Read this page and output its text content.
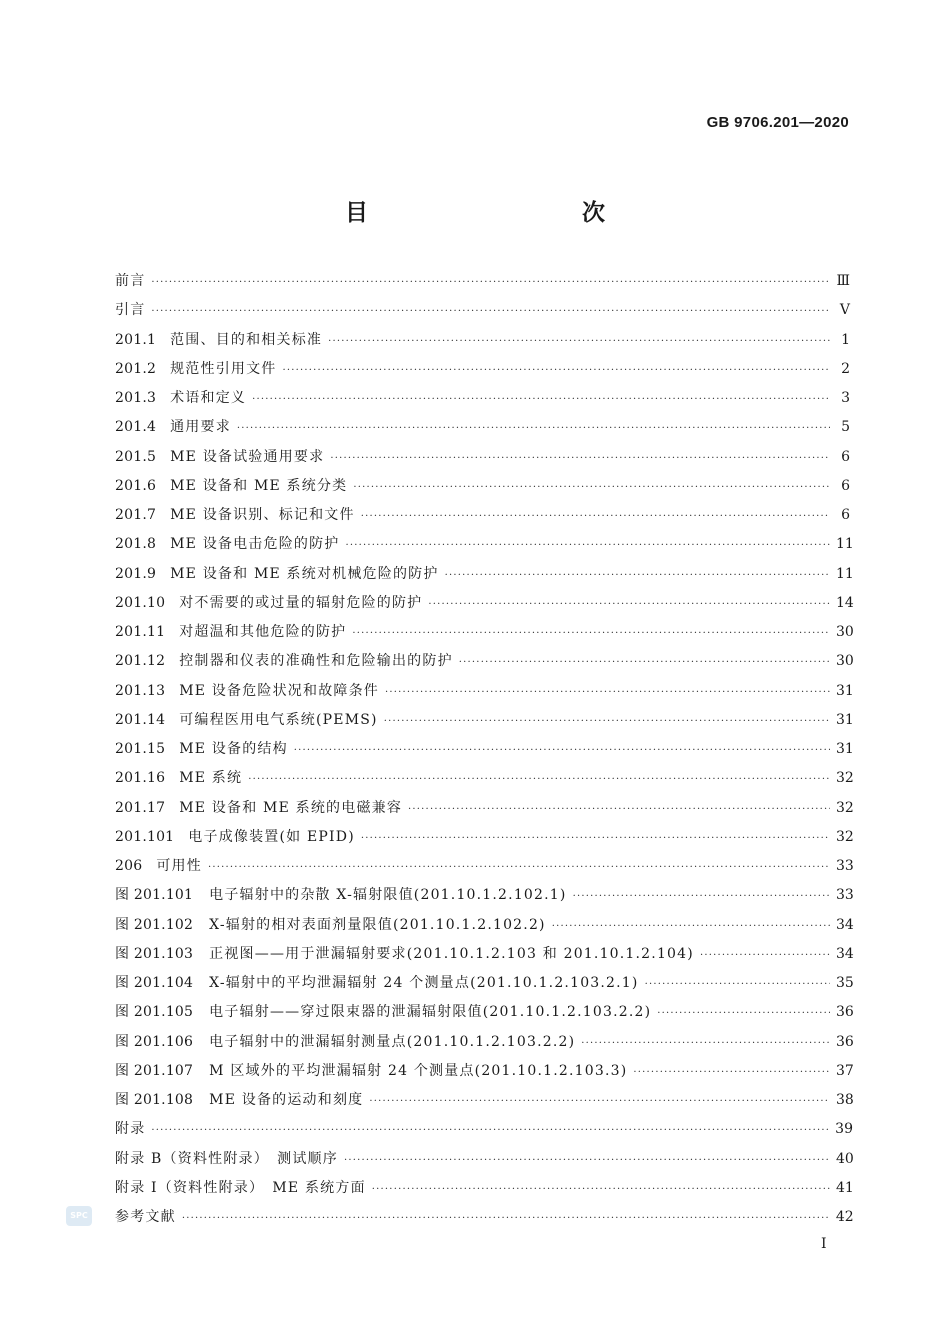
GB 9706.201—2020
目　　次
前言 ·····	Ⅲ
引言 ·····	Ⅴ
201.1 范围、目的和相关标准 ·····	1
201.2 规范性引用文件 ·····	2
201.3 术语和定义 ·····	3
201.4 通用要求 ·····	5
201.5 ME 设备试验通用要求 ·····	6
201.6 ME 设备和 ME 系统分类 ·····	6
201.7 ME 设备识别、标记和文件 ·····	6
201.8 ME 设备电击危险的防护 ·····	11
201.9 ME 设备和 ME 系统对机械危险的防护 ·····	11
201.10 对不需要的或过量的辐射危险的防护 ·····	14
201.11 对超温和其他危险的防护 ·····	30
201.12 控制器和仪表的准确性和危险输出的防护 ·····	30
201.13 ME 设备危险状况和故障条件 ·····	31
201.14 可编程医用电气系统(PEMS) ·····	31
201.15 ME 设备的结构 ·····	31
201.16 ME 系统 ·····	32
201.17 ME 设备和 ME 系统的电磁兼容 ·····	32
201.101 电子成像装置(如 EPID) ·····	32
206 可用性 ·····	33
图 201.101 电子辐射中的杂散 X-辐射限值(201.10.1.2.102.1) ·····	33
图 201.102 X-辐射的相对表面剂量限值(201.10.1.2.102.2) ·····	34
图 201.103 正视图——用于泄漏辐射要求(201.10.1.2.103 和 201.10.1.2.104) ·····	34
图 201.104 X-辐射中的平均泄漏辐射 24 个测量点(201.10.1.2.103.2.1) ·····	35
图 201.105 电子辐射——穿过限束器的泄漏辐射限值(201.10.1.2.103.2.2) ·····	36
图 201.106 电子辐射中的泄漏辐射测量点(201.10.1.2.103.2.2) ·····	36
图 201.107 M 区域外的平均泄漏辐射 24 个测量点(201.10.1.2.103.3) ·····	37
图 201.108 ME 设备的运动和刻度 ·····	38
附录 ·····	39
附录 B（资料性附录）　测试顺序 ·····	40
附录 I（资料性附录）　ME 系统方面 ·····	41
参考文献 ·····	42
SPC
Ⅰ
